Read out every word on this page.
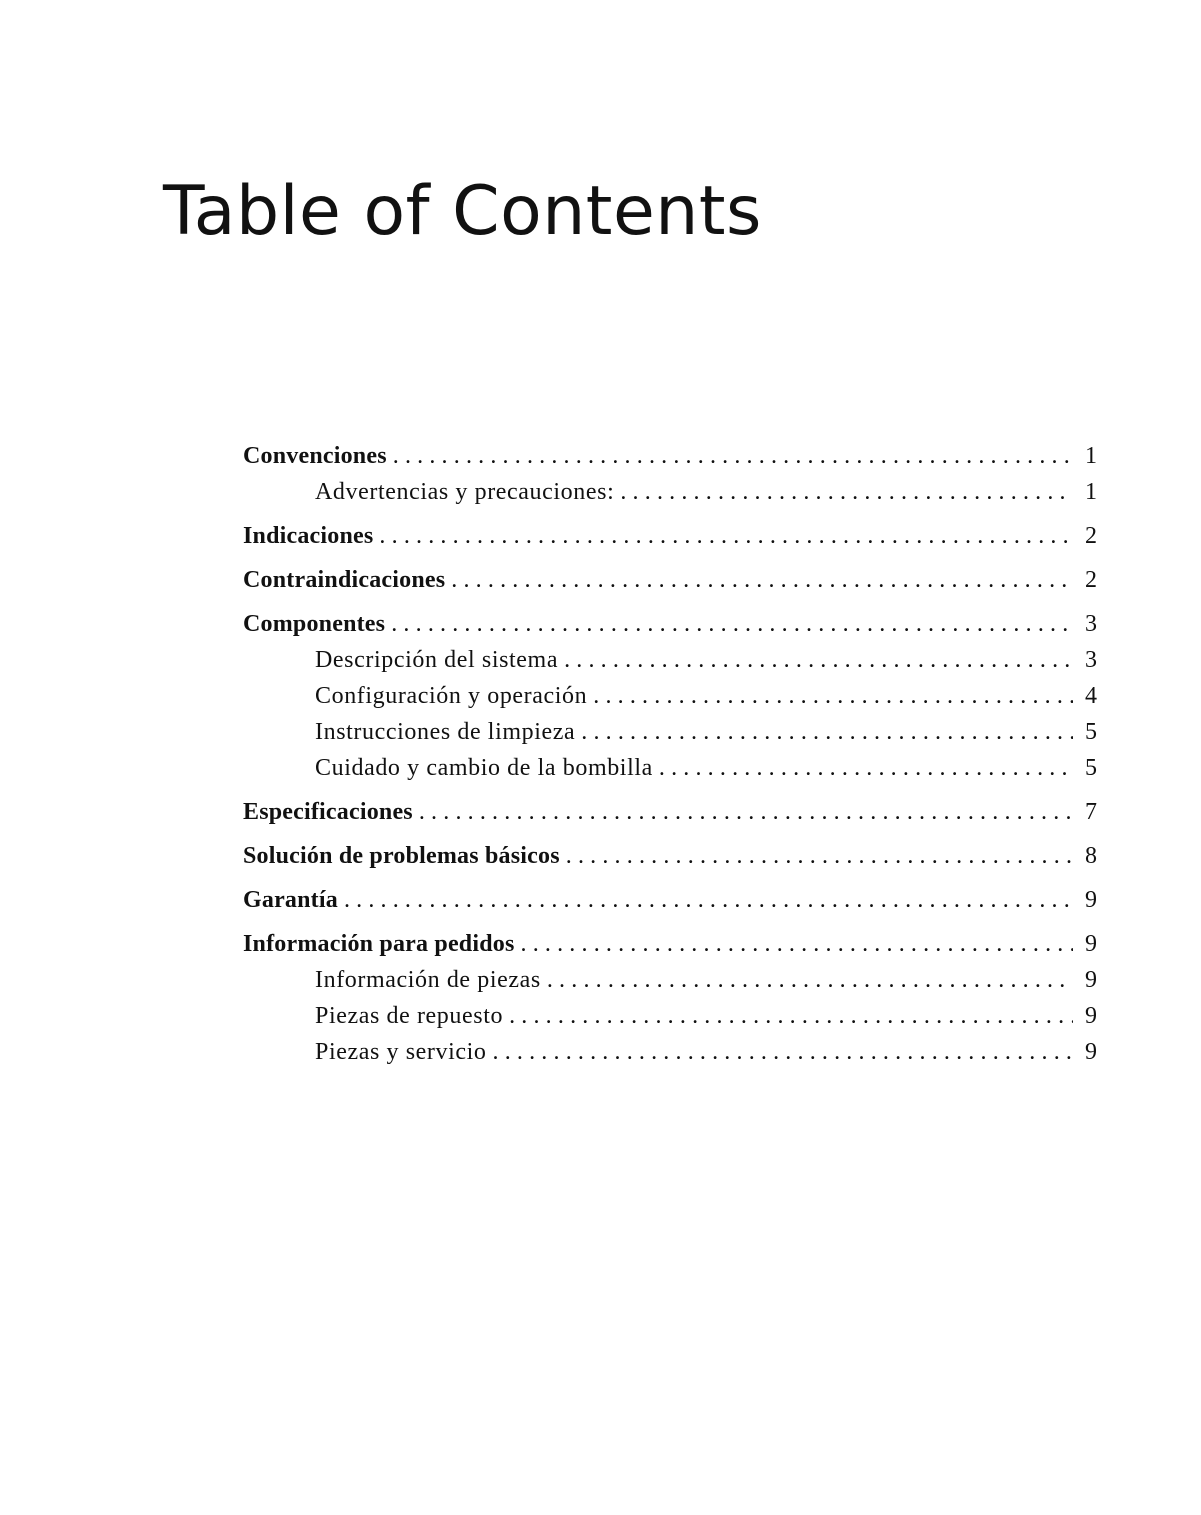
Table of Contents
Convenciones .....	1
Advertencias y precauciones: .....	1
Indicaciones .....	2
Contraindicaciones .....	2
Componentes .....	3
Descripción del sistema .....	3
Configuración y operación .....	4
Instrucciones de limpieza .....	5
Cuidado y cambio de la bombilla .....	5
Especificaciones .....	7
Solución de problemas básicos .....	8
Garantía .....	9
Información para pedidos .....	9
Información de piezas .....	9
Piezas de repuesto .....	9
Piezas y servicio .....	9
